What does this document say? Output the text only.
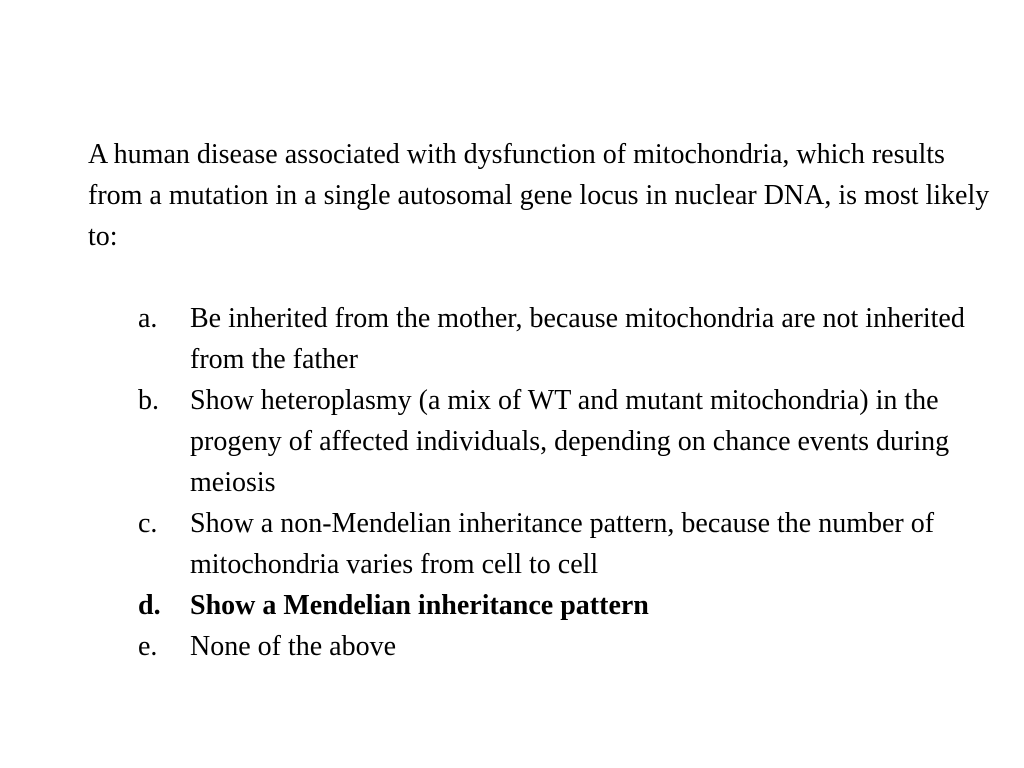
A human disease associated with dysfunction of mitochondria, which results from a mutation in a single autosomal gene locus in nuclear DNA, is most likely to:

a. Be inherited from the mother, because mitochondria are not inherited from the father
b. Show heteroplasmy (a mix of WT and mutant mitochondria) in the progeny of affected individuals, depending on chance events during meiosis
c. Show a non-Mendelian inheritance pattern, because the number of mitochondria varies from cell to cell
d. Show a Mendelian inheritance pattern
e. None of the above
